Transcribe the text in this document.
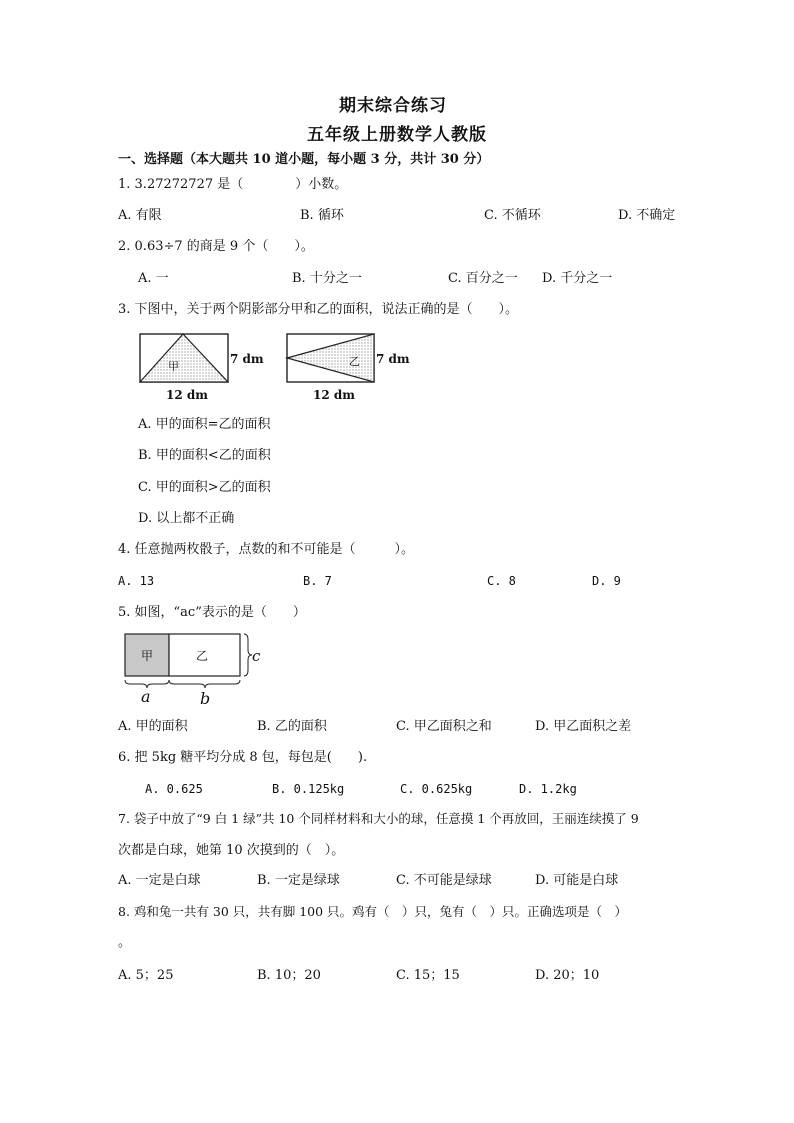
期末综合练习
五年级上册数学人教版
一、选择题（本大题共 10 道小题，每小题 3 分，共计 30 分）
1. 3.27272727 是（　　　　）小数。
A. 有限	B. 循环	C. 不循环	D. 不确定
2. 0.63÷7 的商是 9 个（　　）。
A. 一	B. 十分之一	C. 百分之一 D. 千分之一
3. 下图中，关于两个阴影部分甲和乙的面积，说法正确的是（　　）。
甲
7 dm
12 dm
乙 7 dm
12 dm
A. 甲的面积=乙的面积
B. 甲的面积<乙的面积
C. 甲的面积>乙的面积
D. 以上都不正确
4. 任意抛两枚骰子，点数的和不可能是（　　　）。
A. 13	B. 7	C. 8	D. 9
5. 如图，“ac”表示的是（　　）
甲	乙	c
a	b
A. 甲的面积	B. 乙的面积	C. 甲乙面积之和	D. 甲乙面积之差
6. 把 5kg 糖平均分成 8 包，每包是(　　).
A. 0.625	B. 0.125kg	C. 0.625kg	D. 1.2kg
7. 袋子中放了“9 白 1 绿”共 10 个同样材料和大小的球，任意摸 1 个再放回，王丽连续摸了 9
次都是白球，她第 10 次摸到的（　）。
A. 一定是白球	B. 一定是绿球	C. 不可能是绿球	D. 可能是白球
8. 鸡和兔一共有 30 只，共有脚 100 只。鸡有（　）只，兔有（　）只。正确选项是（　）
。
A. 5；25	B. 10；20	C. 15；15	D. 20；10
